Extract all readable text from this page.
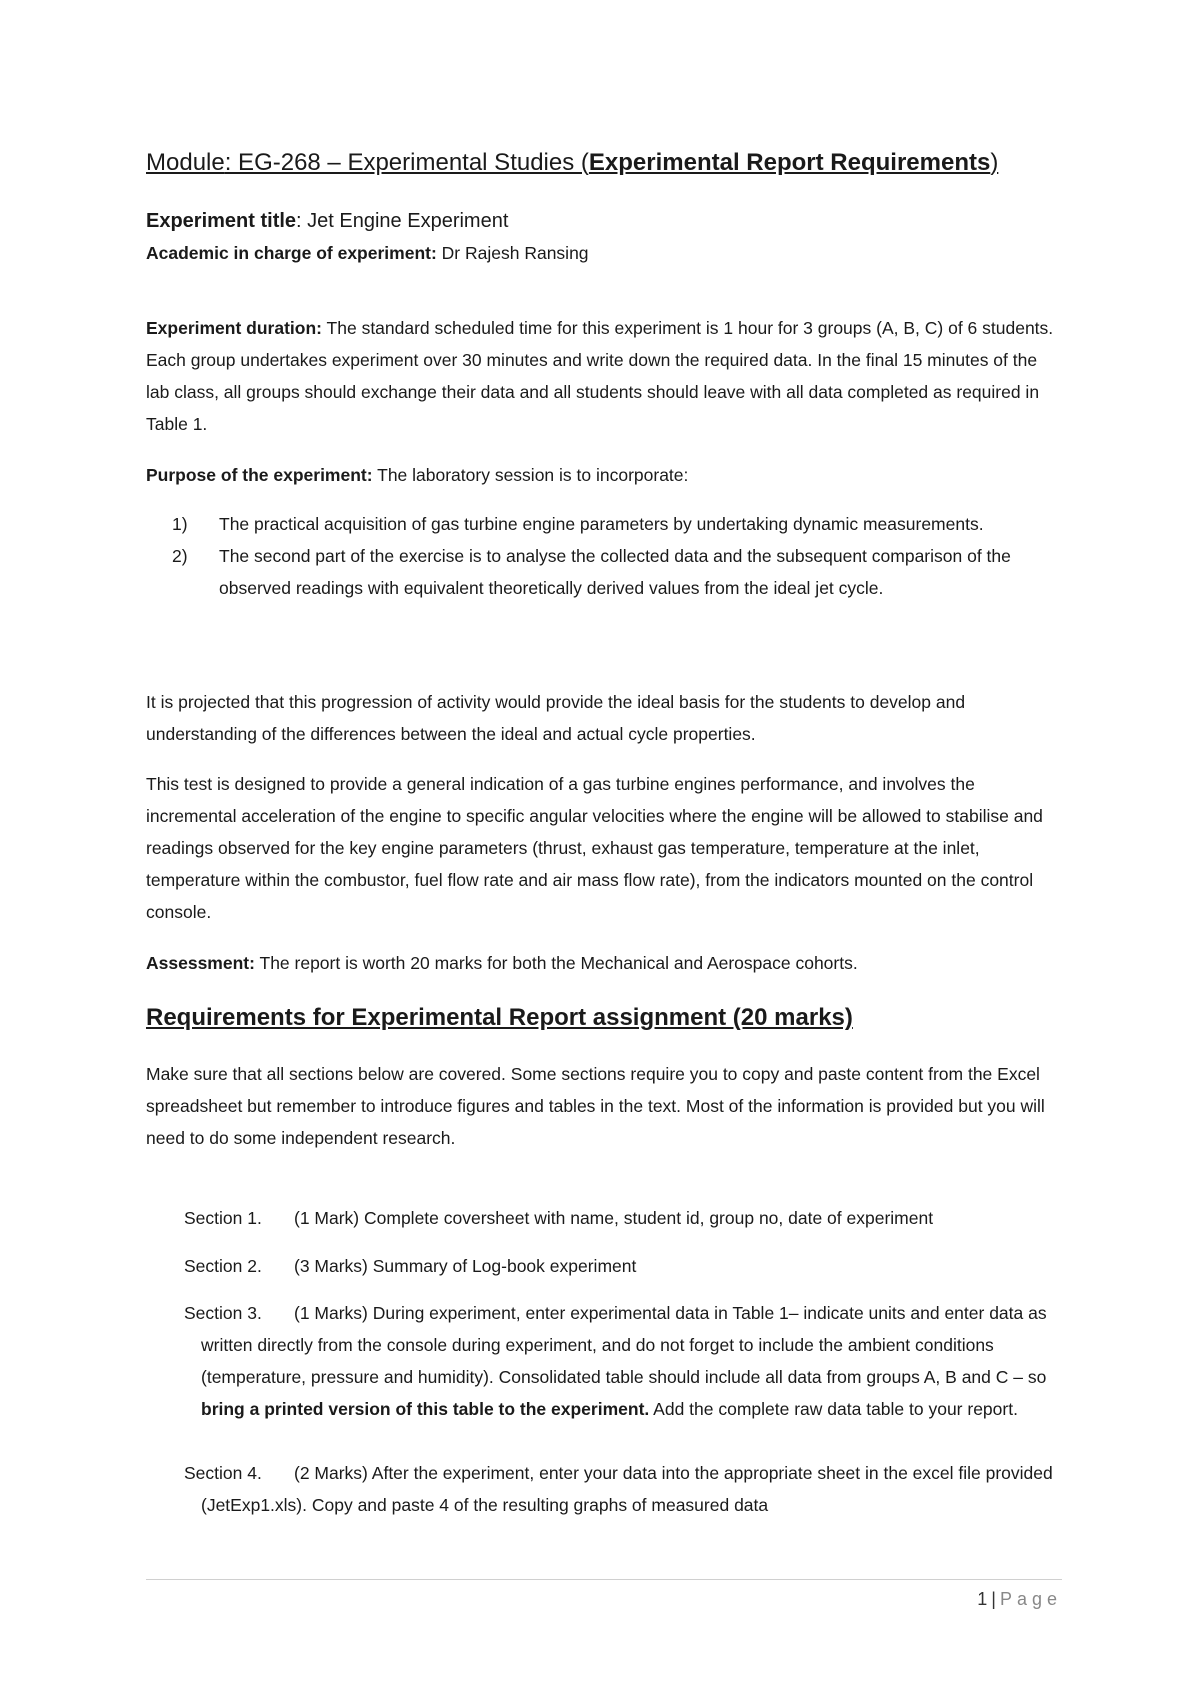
Module: EG-268 – Experimental Studies (Experimental Report Requirements)
Experiment title: Jet Engine Experiment
Academic in charge of experiment: Dr Rajesh Ransing
Experiment duration: The standard scheduled time for this experiment is 1 hour for 3 groups (A, B, C) of 6 students. Each group undertakes experiment over 30 minutes and write down the required data. In the final 15 minutes of the lab class, all groups should exchange their data and all students should leave with all data completed as required in Table 1.
Purpose of the experiment: The laboratory session is to incorporate:
1) The practical acquisition of gas turbine engine parameters by undertaking dynamic measurements.
2) The second part of the exercise is to analyse the collected data and the subsequent comparison of the observed readings with equivalent theoretically derived values from the ideal jet cycle.
It is projected that this progression of activity would provide the ideal basis for the students to develop and understanding of the differences between the ideal and actual cycle properties.
This test is designed to provide a general indication of a gas turbine engines performance, and involves the incremental acceleration of the engine to specific angular velocities where the engine will be allowed to stabilise and readings observed for the key engine parameters (thrust, exhaust gas temperature, temperature at the inlet, temperature within the combustor, fuel flow rate and air mass flow rate), from the indicators mounted on the control console.
Assessment: The report is worth 20 marks for both the Mechanical and Aerospace cohorts.
Requirements for Experimental Report assignment (20 marks)
Make sure that all sections below are covered. Some sections require you to copy and paste content from the Excel spreadsheet but remember to introduce figures and tables in the text. Most of the information is provided but you will need to do some independent research.
Section 1. (1 Mark) Complete coversheet with name, student id, group no, date of experiment
Section 2. (3 Marks) Summary of Log-book experiment
Section 3. (1 Marks) During experiment, enter experimental data in Table 1– indicate units and enter data as written directly from the console during experiment, and do not forget to include the ambient conditions (temperature, pressure and humidity). Consolidated table should include all data from groups A, B and C – so bring a printed version of this table to the experiment. Add the complete raw data table to your report.
Section 4. (2 Marks) After the experiment, enter your data into the appropriate sheet in the excel file provided (JetExp1.xls). Copy and paste 4 of the resulting graphs of measured data
1 | Page
